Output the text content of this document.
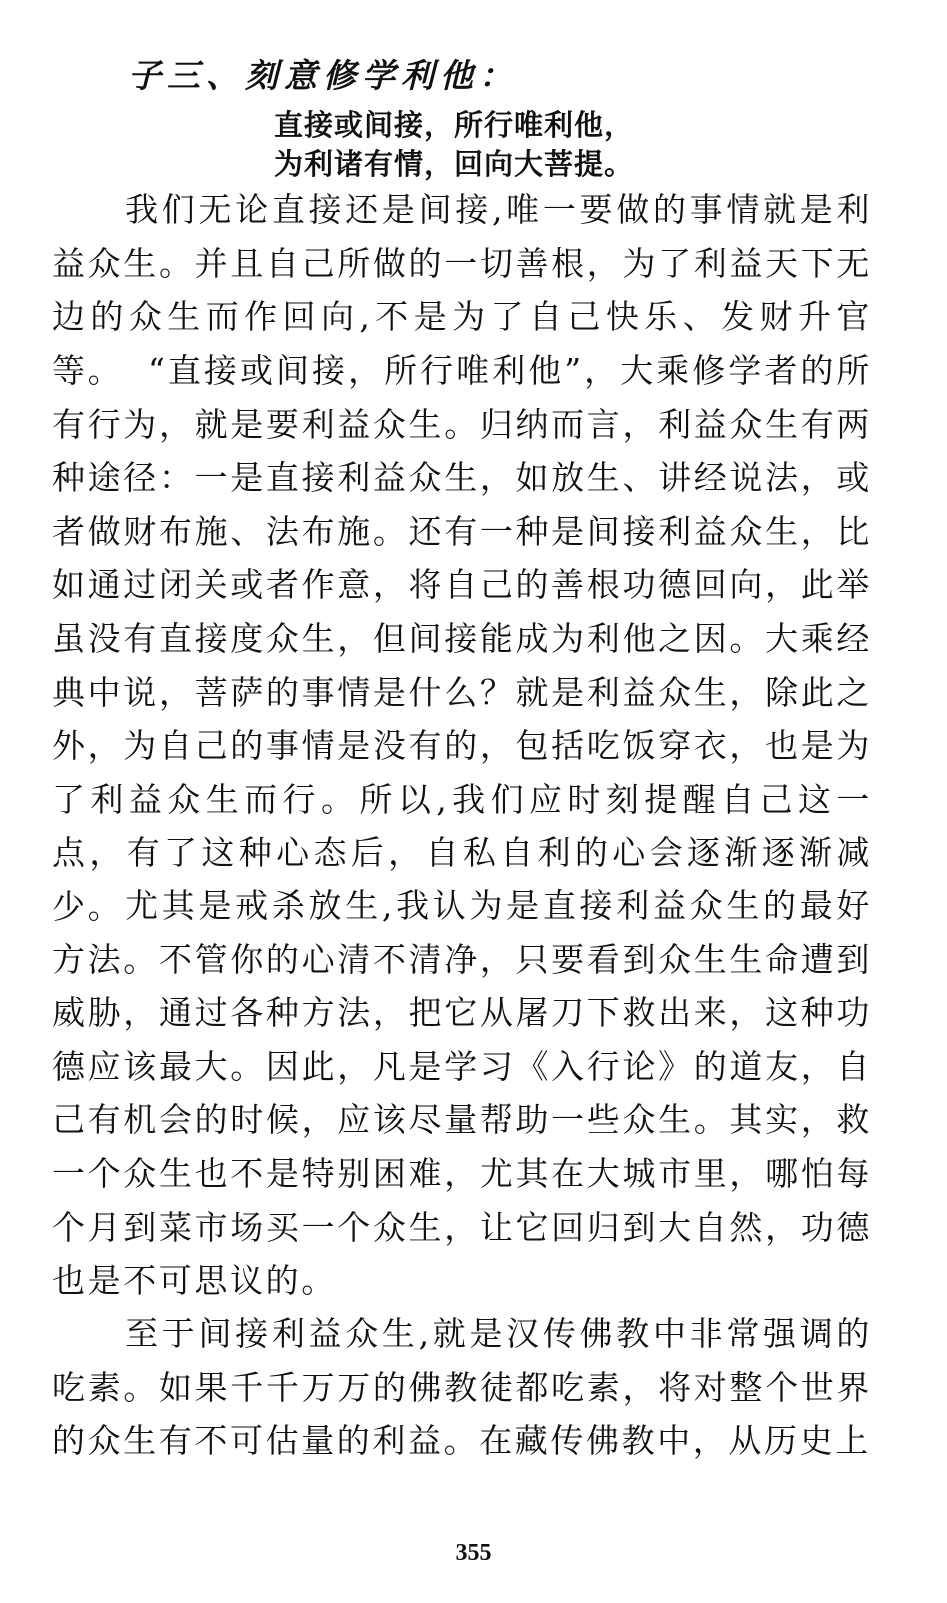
子三、刻意修学利他：
直接或间接，所行唯利他，
为利诸有情，回向大菩提。

我们无论直接还是间接,唯一要做的事情就是利益众生。并且自己所做的一切善根，为了利益天下无边的众生而作回向,不是为了自己快乐、发财升官等。 “直接或间接，所行唯利他”，大乘修学者的所有行为，就是要利益众生。归纳而言，利益众生有两种途径：一是直接利益众生，如放生、讲经说法，或者做财布施、法布施。还有一种是间接利益众生，比如通过闭关或者作意，将自己的善根功德回向，此举虽没有直接度众生，但间接能成为利他之因。大乘经典中说，菩萨的事情是什么？就是利益众生，除此之外，为自己的事情是没有的，包括吃饭穿衣，也是为了利益众生而行。所以,我们应时刻提醒自己这一点，有了这种心态后，自私自利的心会逐渐逐渐减少。 尤其是戒杀放生,我认为是直接利益众生的最好方法。不管你的心清不清净，只要看到众生生命遭到威胁，通过各种方法，把它从屠刀下救出来，这种功德应该最大。因此，凡是学习《入行论》的道友，自己有机会的时候，应该尽量帮助一些众生。其实，救一个众生也不是特别困难，尤其在大城市里，哪怕每个月到菜市场买一个众生，让它回归到大自然，功德也是不可思议的。

至于间接利益众生,就是汉传佛教中非常强调的吃素。如果千千万万的佛教徒都吃素，将对整个世界的众生有不可估量的利益。在藏传佛教中，从历史上

355
